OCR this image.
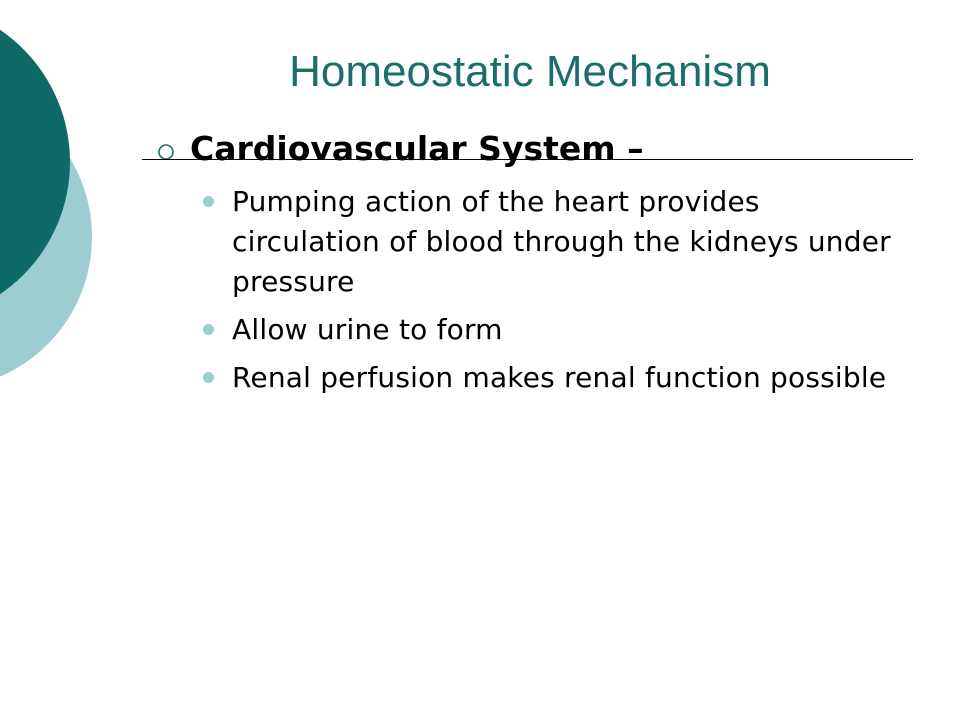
Homeostatic Mechanism
Cardiovascular System –
Pumping action of the heart provides circulation of blood through the kidneys under pressure
Allow urine to form
Renal perfusion makes renal function possible
